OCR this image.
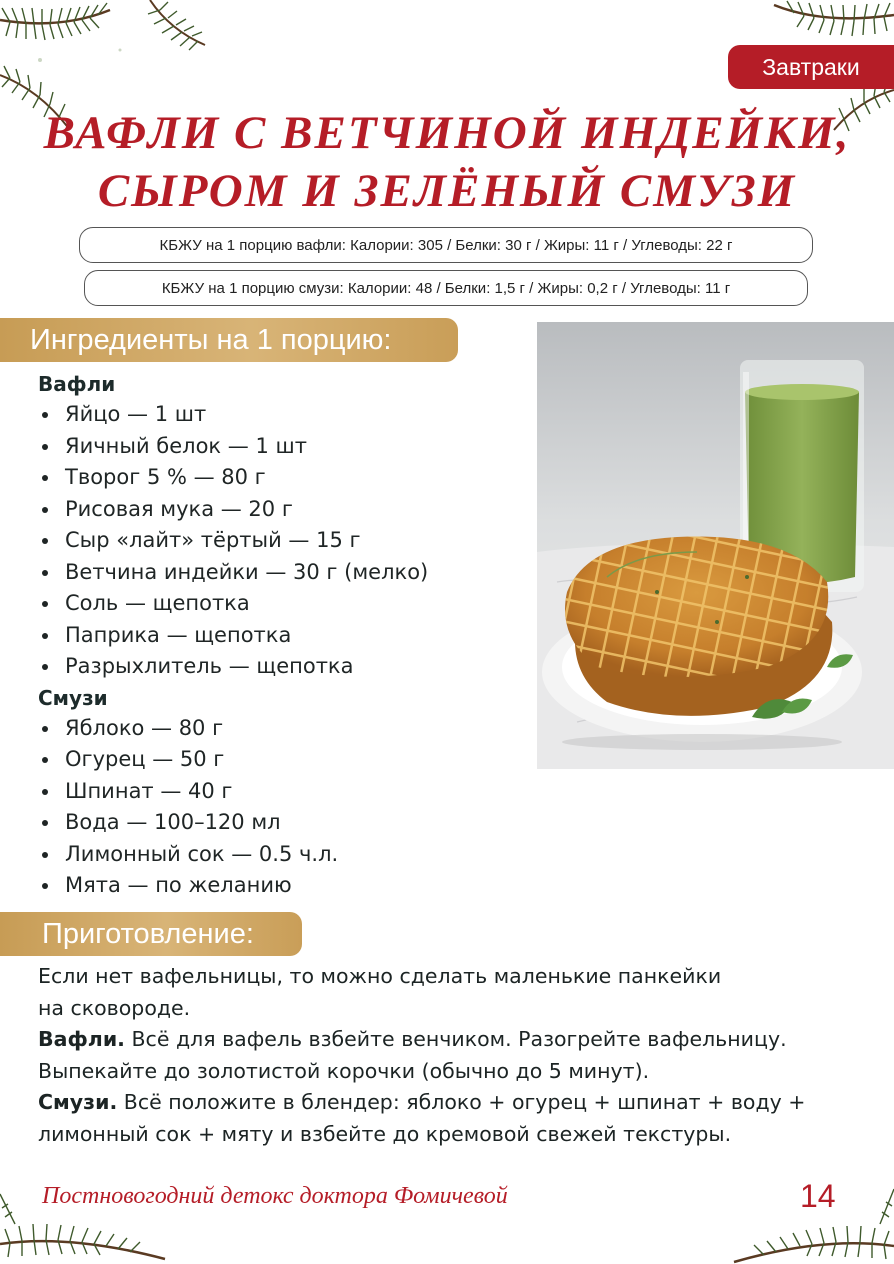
Завтраки
ВАФЛИ С ВЕТЧИНОЙ ИНДЕЙКИ,
СЫРОМ И ЗЕЛЁНЫЙ СМУЗИ
КБЖУ на 1 порцию вафли: Калории: 305 / Белки: 30 г / Жиры: 11 г / Углеводы: 22 г
КБЖУ на 1 порцию смузи: Калории: 48 / Белки: 1,5 г / Жиры: 0,2 г / Углеводы: 11 г
Ингредиенты на 1 порцию:
Вафли
Яйцо — 1 шт
Яичный белок — 1 шт
Творог 5 % — 80 г
Рисовая мука — 20 г
Сыр «лайт» тёртый — 15 г
Ветчина индейки — 30 г (мелко)
Соль — щепотка
Паприка — щепотка
Разрыхлитель — щепотка
Смузи
Яблоко — 80 г
Огурец — 50 г
Шпинат — 40 г
Вода — 100–120 мл
Лимонный сок — 0.5 ч.л.
Мята — по желанию
Приготовление:

Если нет вафельницы, то можно сделать маленькие панкейки

на сковороде.

Вафли. Всё для вафель взбейте венчиком. Разогрейте вафельницу.

Выпекайте до золотистой корочки (обычно до 5 минут).

Смузи. Всё положите в блендер: яблоко + огурец + шпинат + воду +

лимонный сок + мяту и взбейте до кремовой свежей текстуры.

Постновогодний детокс доктора Фомичевой	14
